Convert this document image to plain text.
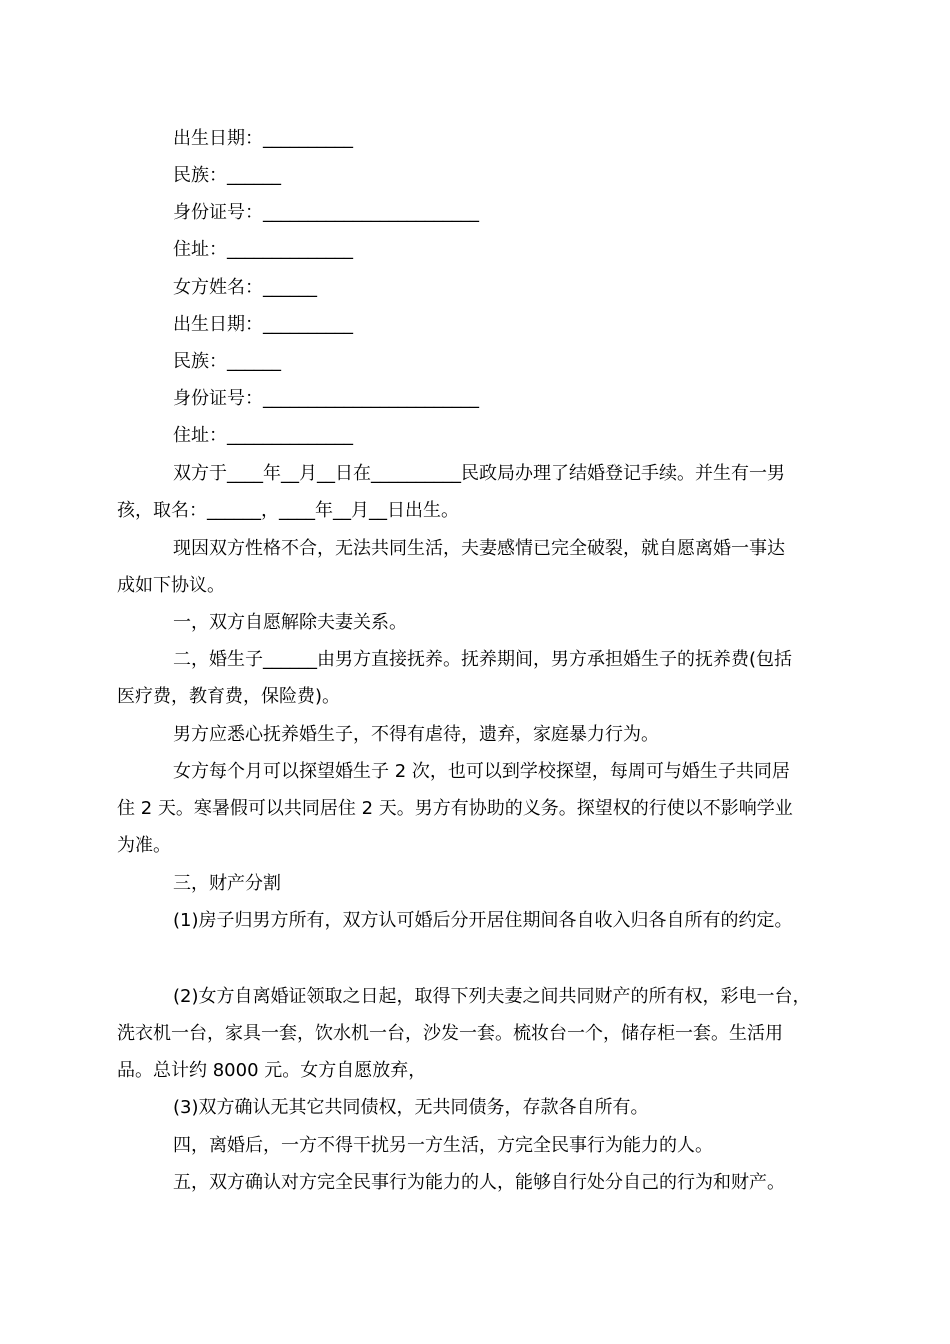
出生日期：__________
民族：______
身份证号：________________________
住址：______________
女方姓名：______
出生日期：__________
民族：______
身份证号：________________________
住址：______________
双方于____年__月__日在__________民政局办理了结婚登记手续。并生有一男
孩，取名：______，____年__月__日出生。
现因双方性格不合，无法共同生活，夫妻感情已完全破裂，就自愿离婚一事达
成如下协议。
一，双方自愿解除夫妻关系。
二，婚生子______由男方直接抚养。抚养期间，男方承担婚生子的抚养费(包括
医疗费，教育费，保险费)。
男方应悉心抚养婚生子，不得有虐待，遗弃，家庭暴力行为。
女方每个月可以探望婚生子 2 次，也可以到学校探望，每周可与婚生子共同居
住 2 天。寒暑假可以共同居住 2 天。男方有协助的义务。探望权的行使以不影响学业
为准。
三，财产分割
(1)房子归男方所有，双方认可婚后分开居住期间各自收入归各自所有的约定。
(2)女方自离婚证领取之日起，取得下列夫妻之间共同财产的所有权，彩电一台，
洗衣机一台，家具一套，饮水机一台，沙发一套。梳妆台一个，储存柜一套。生活用
品。总计约 8000 元。女方自愿放弃，
(3)双方确认无其它共同债权，无共同债务，存款各自所有。
四，离婚后，一方不得干扰另一方生活，方完全民事行为能力的人。
五，双方确认对方完全民事行为能力的人，能够自行处分自己的行为和财产。
